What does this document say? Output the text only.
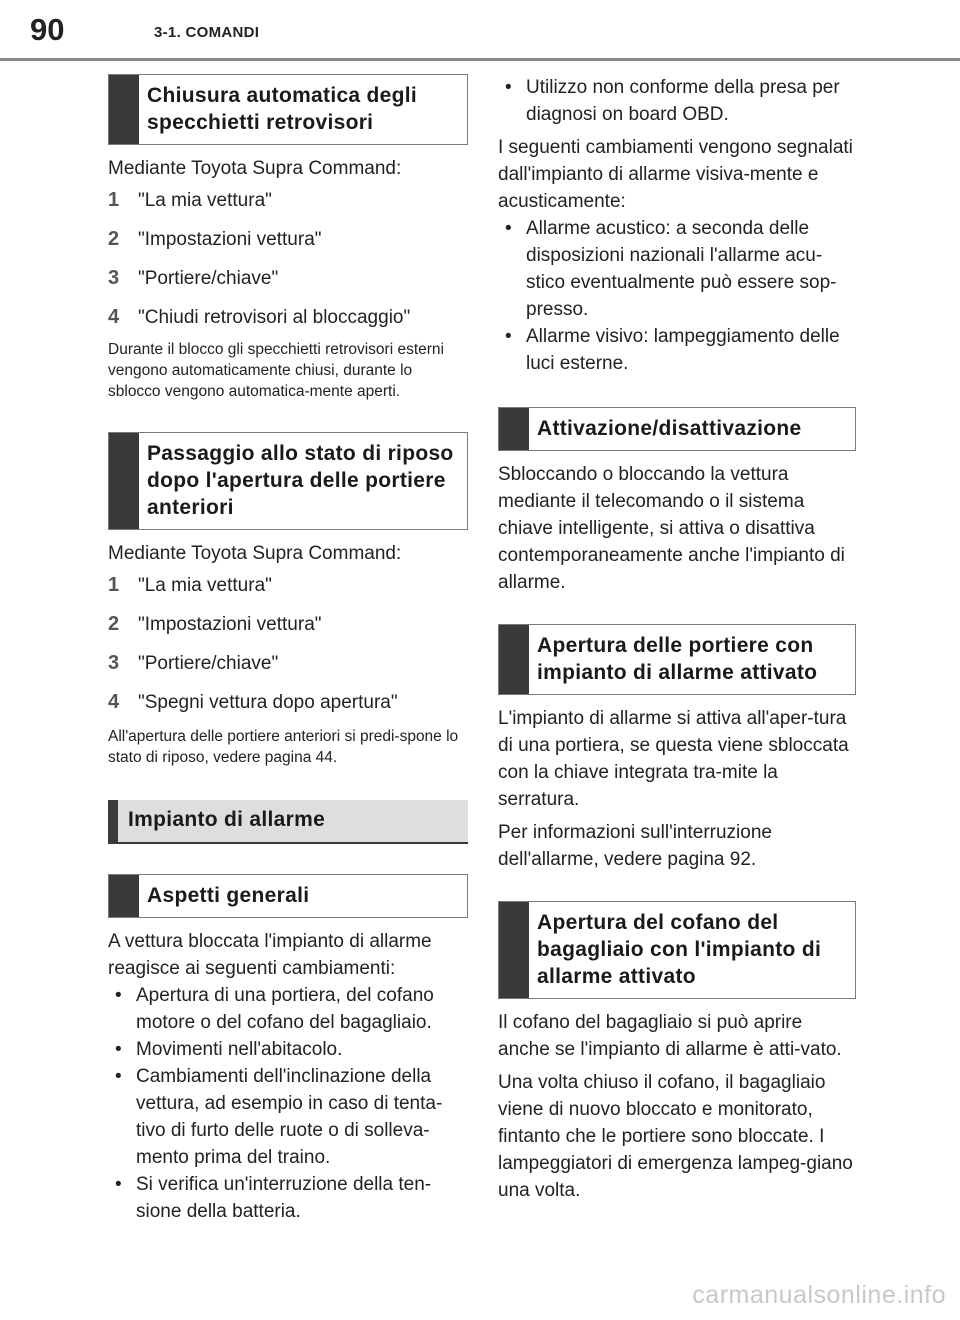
90	3-1. COMANDI
Chiusura automatica degli specchietti retrovisori

Mediante Toyota Supra Command:

1 "La mia vettura"
2 "Impostazioni vettura"
3 "Portiere/chiave"
4 "Chiudi retrovisori al bloccaggio"

Durante il blocco gli specchietti retrovisori esterni vengono automaticamente chiusi, durante lo sblocco vengono automatica-mente aperti.

Passaggio allo stato di riposo dopo l'apertura delle portiere anteriori

Mediante Toyota Supra Command:

1 "La mia vettura"
2 "Impostazioni vettura"
3 "Portiere/chiave"
4 "Spegni vettura dopo apertura"

All'apertura delle portiere anteriori si predi-spone lo stato di riposo, vedere pagina 44.

Impianto di allarme
Aspetti generali

A vettura bloccata l'impianto di allarme reagisce ai seguenti cambiamenti:

• Apertura di una portiera, del cofano motore o del cofano del bagagliaio.
• Movimenti nell'abitacolo.
• Cambiamenti dell'inclinazione della vettura, ad esempio in caso di tenta-tivo di furto delle ruote o di solleva-mento prima del traino.
• Si verifica un'interruzione della ten-sione della batteria.
• Utilizzo non conforme della presa per diagnosi on board OBD.

I seguenti cambiamenti vengono segnalati dall'impianto di allarme visiva-mente e acusticamente:

• Allarme acustico: a seconda delle disposizioni nazionali l'allarme acu-stico eventualmente può essere sop-presso.
• Allarme visivo: lampeggiamento delle luci esterne.
Attivazione/disattivazione

Sbloccando o bloccando la vettura mediante il telecomando o il sistema chiave intelligente, si attiva o disattiva contemporaneamente anche l'impianto di allarme.

Apertura delle portiere con impianto di allarme attivato

L'impianto di allarme si attiva all'aper-tura di una portiera, se questa viene sbloccata con la chiave integrata tra-mite la serratura.

Per informazioni sull'interruzione dell'allarme, vedere pagina 92.

Apertura del cofano del bagagliaio con l'impianto di allarme attivato

Il cofano del bagagliaio si può aprire anche se l'impianto di allarme è atti-vato.

Una volta chiuso il cofano, il bagagliaio viene di nuovo bloccato e monitorato, fintanto che le portiere sono bloccate. I lampeggiatori di emergenza lampeg-giano una volta.

carmanualsonline.info
